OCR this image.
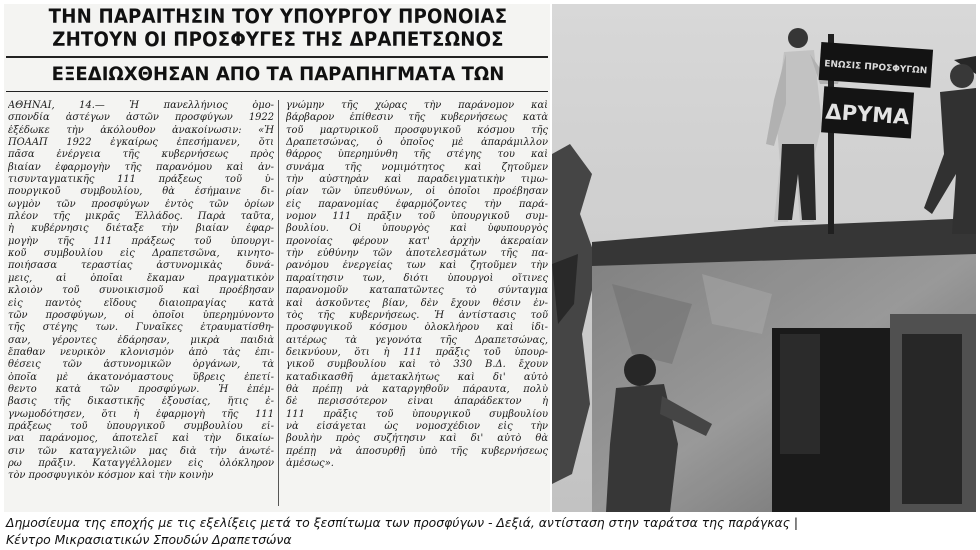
ΤΗΝ ΠΑΡΑΙΤΗΣΙΝ ΤΟΥ ΥΠΟΥΡΓΟΥ ΠΡΟΝΟΙΑΣ
ΖΗΤΟΥΝ ΟΙ ΠΡΟΣΦΥΓΕΣ ΤΗΣ ΔΡΑΠΕΤΣΩΝΟΣ
ΕΞΕΔΙΩΧΘΗΣΑΝ ΑΠΟ ΤΑ ΠΑΡΑΠΗΓΜΑΤΑ ΤΩΝ
ΑΘΗΝΑΙ, 14.— Ἡ πανελλήνιος ὁμο-
σπονδία ἀστέγων ἀστῶν προσφύγων 1922
ἐξέδωκε τὴν ἀκόλουθον ἀνακοίνωσιν: «Ἡ
ΠΟΑΑΠ 1922 ἐγκαίρως ἐπεσήμανεν, ὅτι
πᾶσα ἐνέργεια τῆς κυβερνήσεως πρὸς
βιαίαν ἐφαρμογὴν τῆς παρανόμου καὶ ἀν-
τισυνταγματικῆς 111 πράξεως τοῦ ὑ-
πουργικοῦ συμβουλίου, θὰ ἐσήμαινε δι-
ωγμὸν τῶν προσφύγων ἐντὸς τῶν ὁρίων
πλέον τῆς μικρᾶς Ἑλλάδος. Παρὰ ταῦτα,
ἡ κυβέρνησις διέταξε τὴν βιαίαν ἐφαρ-
μογὴν τῆς 111 πράξεως τοῦ ὑπουργι-
κοῦ συμβουλίου εἰς Δραπετσῶνα, κινητο-
ποιήσασα τεραστίας ἀστυνομικὰς δυνά-
μεις, αἱ ὁποῖαι ἔκαμαν πραγματικὸν
κλοιὸν τοῦ συνοικισμοῦ καὶ προέβησαν
εἰς παντὸς εἴδους διαιοπραγίας κατὰ
τῶν προσφύγων, οἱ ὁποῖοι ὑπερημύνοντο
τῆς στέγης των. Γυναῖκες ἐτραυματίσθη-
σαν, γέροντες ἐδάρησαν, μικρὰ παιδιὰ
ἔπαθαν νευρικὸν κλονισμὸν ἀπὸ τὰς ἐπι-
θέσεις τῶν ἀστυνομικῶν ὀργάνων, τὰ
ὁποῖα μὲ ἀκατονόμαστους ὕβρεις ἐπετί-
θεντο κατὰ τῶν προσφύγων. Ἡ ἐπέμ-
βασις τῆς δικαστικῆς ἐξουσίας, ἥτις ἐ-
γνωμοδότησεν, ὅτι ἡ ἐφαρμογὴ τῆς 111
πράξεως τοῦ ὑπουργικοῦ συμβουλίου εἶ-
ναι παράνομος, ἀποτελεῖ καὶ τὴν δικαίω-
σιν τῶν καταγγελιῶν μας διὰ τὴν ἀνωτέ-
ρω πρᾶξιν. Καταγγέλλομεν εἰς ὁλόκληρον
τὸν προσφυγικὸν κόσμον καὶ τὴν κοινὴν
γνώμην τῆς χώρας τὴν παράνομον καὶ
βάρβαρον ἐπίθεσιν τῆς κυβερνήσεως κατὰ
τοῦ μαρτυρικοῦ προσφυγικοῦ κόσμου τῆς
Δραπετσώνας, ὁ ὁποῖος μὲ ἀπαράμιλλον
θάρρος ὑπερημύνθη τῆς στέγης του καὶ
συνάμα τῆς νομιμότητος καὶ ζητοῦμεν
τὴν αὐστηρὰν καὶ παραδειγματικὴν τιμω-
ρίαν τῶν ὑπευθύνων, οἱ ὁποῖοι προέβησαν
εἰς παρανομίας ἐφαρμόζοντες τὴν παρά-
νομον 111 πρᾶξιν τοῦ ὑπουργικοῦ συμ-
βουλίου. Οἱ ὑπουργὸς καὶ ὑφυπουργὸς
προνοίας φέρουν κατ' ἀρχὴν ἀκεραίαν
τὴν εὐθύνην τῶν ἀποτελεσμάτων τῆς πα-
ρανόμου ἐνεργείας των καὶ ζητοῦμεν τὴν
παραίτησιν των, διότι ὑπουργοὶ οἵτινες
παρανομοῦν καταπατῶντες τὸ σύνταγμα
καὶ ἀσκοῦντες βίαν, δὲν ἔχουν θέσιν ἐν-
τὸς τῆς κυβερνήσεως. Ἡ ἀντίστασις τοῦ
προσφυγικοῦ κόσμου ὁλοκλήρου καὶ ἰδι-
αιτέρως τὰ γεγονότα τῆς Δραπετσώνας,
δεικνύουν, ὅτι ἡ 111 πρᾶξις τοῦ ὑπουρ-
γικοῦ συμβουλίου καὶ τὸ 330 Β.Δ. ἔχουν
καταδικασθῆ ἀμετακλήτως καὶ δι' αὐτὸ
θὰ πρέπῃ νὰ καταργηθοῦν πάραυτα, πολὺ
δὲ περισσότερον εἶναι ἀπαράδεκτον ἡ
111 πρᾶξις τοῦ ὑπουργικοῦ συμβουλίου
νὰ εἰσάγεται ὡς νομοσχέδιον εἰς τὴν
βουλὴν πρὸς συζήτησιν καὶ δι' αὐτὸ θὰ
πρέπῃ νὰ ἀποσυρθῇ ὑπὸ τῆς κυβερνήσεως
ἀμέσως».
ΕΝΩΣΙΣ ΠΡΟΣΦΥΓΩΝ
ΔΡΥΜΑ
Δημοσίευμα της εποχής με τις εξελίξεις μετά το ξεσπίτωμα των προσφύγων - Δεξιά, αντίσταση στην ταράτσα της παράγκας |
Κέντρο Μικρασιατικών Σπουδών Δραπετσώνα
